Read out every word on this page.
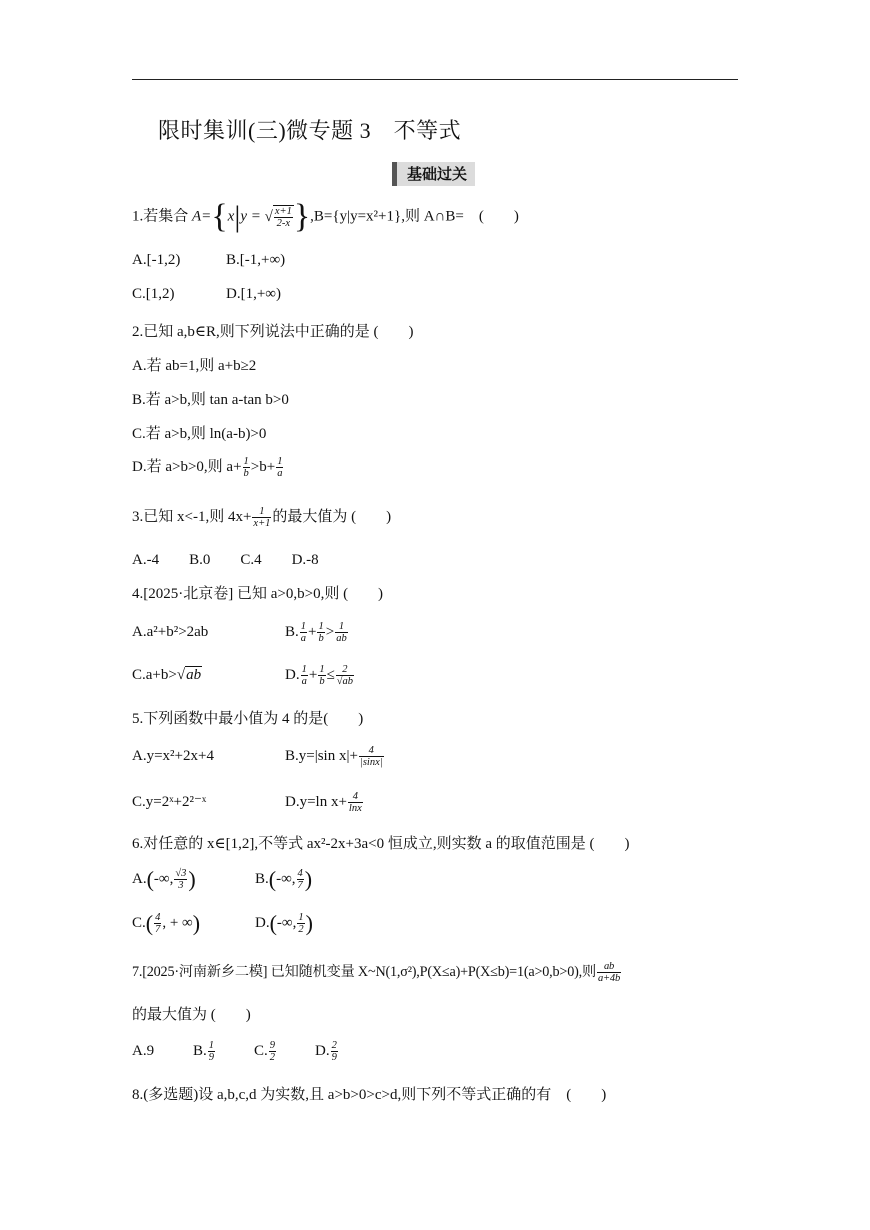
限时集训(三)微专题 3　不等式
基础过关
1.若集合 A={x|y = √ $\frac{x+1}{2-x} \},B=\{y|y=x^2+1\}$,则 A∩B=　 (　　)
A.[-1,2)	B.[-1,+∞)
C.[1,2)	D.[1,+∞)
2.已知 a,b∈R,则下列说法中正确的是 (　　)
A.若 ab=1,则 a+b≥2
B.若 a>b,则 tan a-tan b>0
C.若 a>b,则 ln(a-b)>0
D.若 a>b>0,则 $a+ \frac{1}{b} >b+ \frac{1}{a}$
3.已知 x<-1,则 $4x+ \frac{1}{x+1}$ 的最大值为 (　　)
A.-4　　B.0　　C.4　　D.-8
4.[2025·北京卷] 已知 a>0,b>0,则 (　　)
A.a²+b²>2ab	B. $\frac{1}{a} + \frac{1}{b} > \frac{1}{ab}$
C.a+b>√ab	D. $\frac{1}{a} + \frac{1}{b} \le \frac{2}{√ab}$
5.下列函数中最小值为 4 的是(　　)
A.y=x²+2x+4	B.y=|sin $x|+ \frac{4}{|\sin x|}$
C.y=2ˣ+2²⁻ˣ	D.y=ln $x+ \frac{4}{\ln x}$
6.对任意的 x∈[1,2],不等式 ax²-2x+3a<0 恒成立,则实数 a 的取值范围是 (　　)
A.(-∞, $\frac{√3}{3}$ )	B.(-∞, $\frac{4}{7}$ )
$C.( \frac{4}{7}$ , + ∞)	D.(-∞, $\frac{1}{2}$ )
7.[2025·河南新乡二模] 已知随机变量 X~N(1,σ²),P(X≤a)+P(X≤b)=1(a>0,b>0),则 $\frac{ab}{a+4b}$
的最大值为 (　　)
A.9	B. $\frac{1}{9}$	C. $\frac{9}{2}$	D. $\frac{2}{9}$
8.(多选题)设 a,b,c,d 为实数,且 a>b>0>c>d,则下列不等式正确的有　(　　)
